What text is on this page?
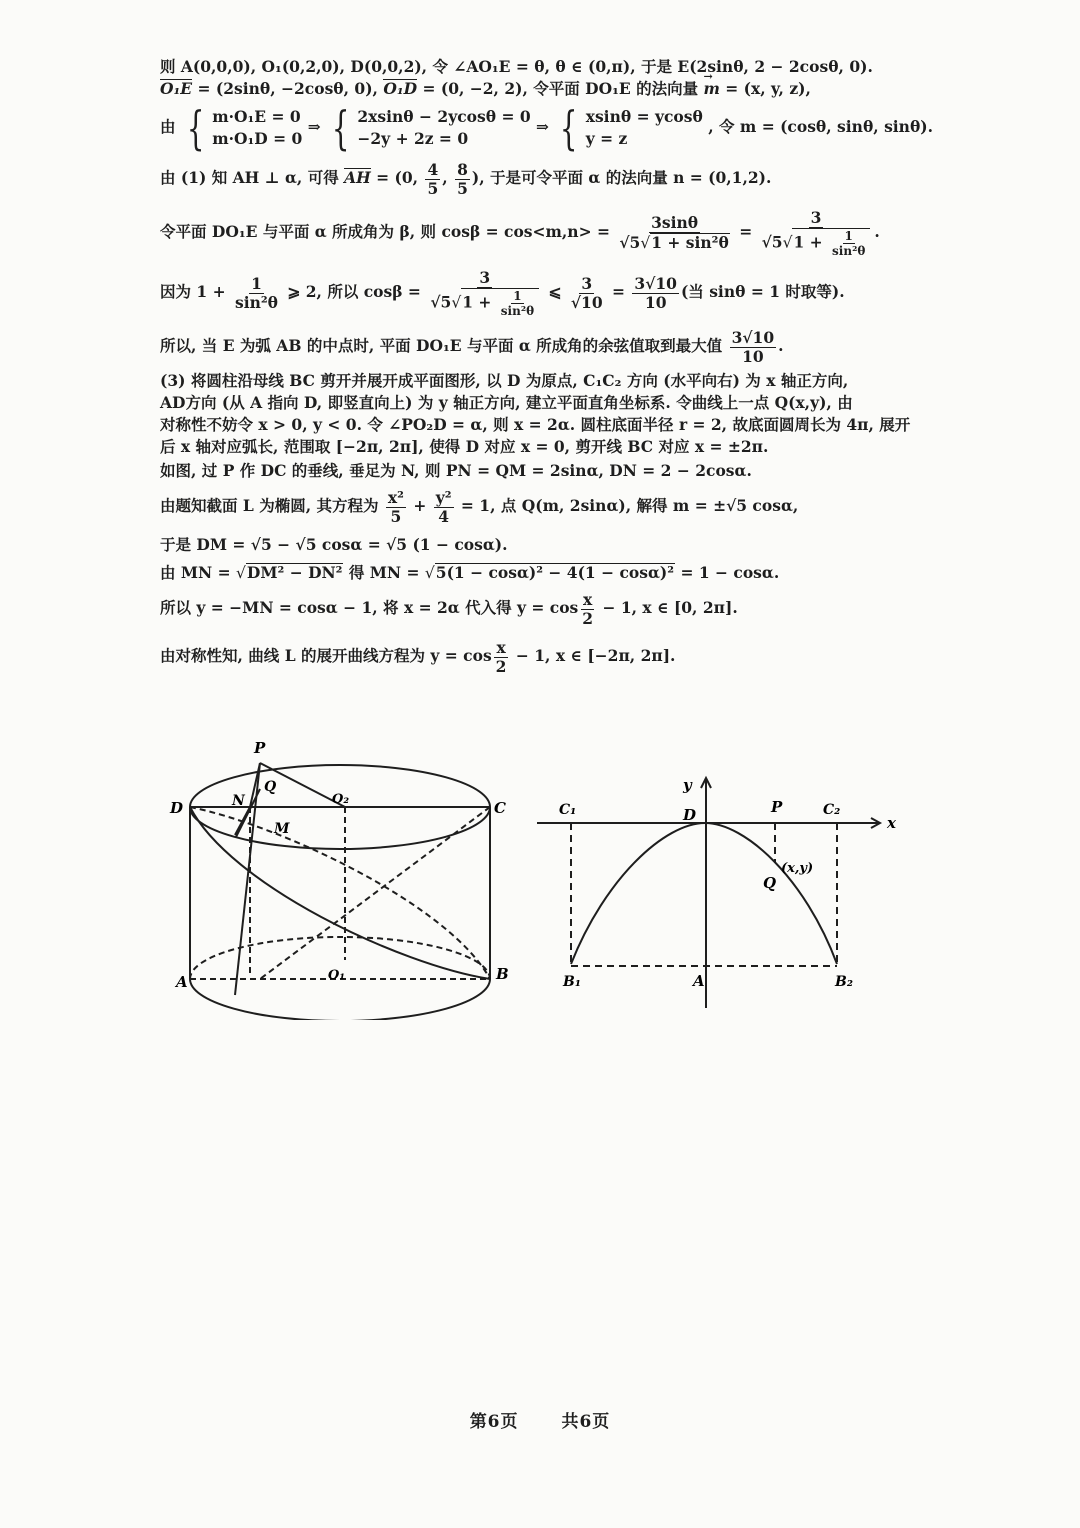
则 A(0,0,0), O₁(0,2,0), D(0,0,2), 令 ∠AO₁E = θ, θ ∈ (0,π), 于是 E(2sinθ, 2 − 2cosθ, 0).
O₁E = (2sinθ, −2cosθ, 0), O₁D = (0, −2, 2), 令平面 DO₁E 的法向量 → m = (x, y, z),
由 { m·O₁E = 0
m·O₁D = 0
⇒ { 2xsinθ − 2ycosθ = 0
−2y + 2z = 0
⇒ { xsinθ = ycosθ
y = z
, 令 m = (cosθ, sinθ, sinθ).
由 (1) 知 AH ⊥ α, 可得 AH = (0, $\frac{4}{5}$ , $\frac{8}{5}$ ), 于是可令平面 α 的法向量 n = (0,1,2).
令平面 DO₁E 与平面 α 所成角为 β, 则 $\cos\beta = \cos<m,n> = \frac{3\sin\theta}{\text{√5√1 + sin²θ}} = \frac{3}{√5√1 + \frac{1}{\text{sin²θ}}}$ .
因为 $1 + \frac{1}{\text{sin²θ}}$ ⩾ 2, 所以 $\cos\beta = \frac{3}{√5√1 + \frac{1}{\text{sin²θ}}}$ ⩽ $\frac{3}{√10} = \frac{3√10}{10}$ (当 sinθ = 1 时取等).
所以, 当 E 为弧 AB 的中点时, 平面 DO₁E 与平面 α 所成角的余弦值取到最大值 $\frac{3√10}{10}$ .
(3) 将圆柱沿母线 BC 剪开并展开成平面图形, 以 D 为原点, C₁C₂ 方向 (水平向右) 为 x 轴正方向,
AD方向 (从 A 指向 D, 即竖直向上) 为 y 轴正方向, 建立平面直角坐标系. 令曲线上一点 Q(x,y), 由
对称性不妨令 x > 0, y < 0. 令 ∠PO₂D = α, 则 x = 2α. 圆柱底面半径 r = 2, 故底面圆周长为 4π, 展开
后 x 轴对应弧长, 范围取 [−2π, 2π], 使得 D 对应 x = 0, 剪开线 BC 对应 x = ±2π.
如图, 过 P 作 DC 的垂线, 垂足为 N, 则 PN = QM = 2sinα, DN = 2 − 2cosα.
由题知截面 L 为椭圆, 其方程为 $\frac{\text{x²}}{5} + \frac{\text{y²}}{4} = 1$, 点 Q(m, 2sinα), 解得 m = ±√5 cosα,
于是 DM = √5 − √5 cosα = √5 (1 − cosα).
由 MN = √DM² − DN² 得 MN = √5(1 − cosα)² − 4(1 − cosα)² = 1 − cosα.
所以 y = −MN = cosα − 1, 将 x = 2α 代入得 $y = \cos \frac{x}{2} - 1$, x ∈ [0, 2π].
由对称性知, 曲线 L 的展开曲线方程为 $y = \cos \frac{x}{2} - 1$, x ∈ [−2π, 2π].
P
Q
D	N	O₂	C
M
A	O₁	B
y
x
C₁	D	P	C₂
Q
(x,y)
B₁	A	B₂
第6页	共6页
